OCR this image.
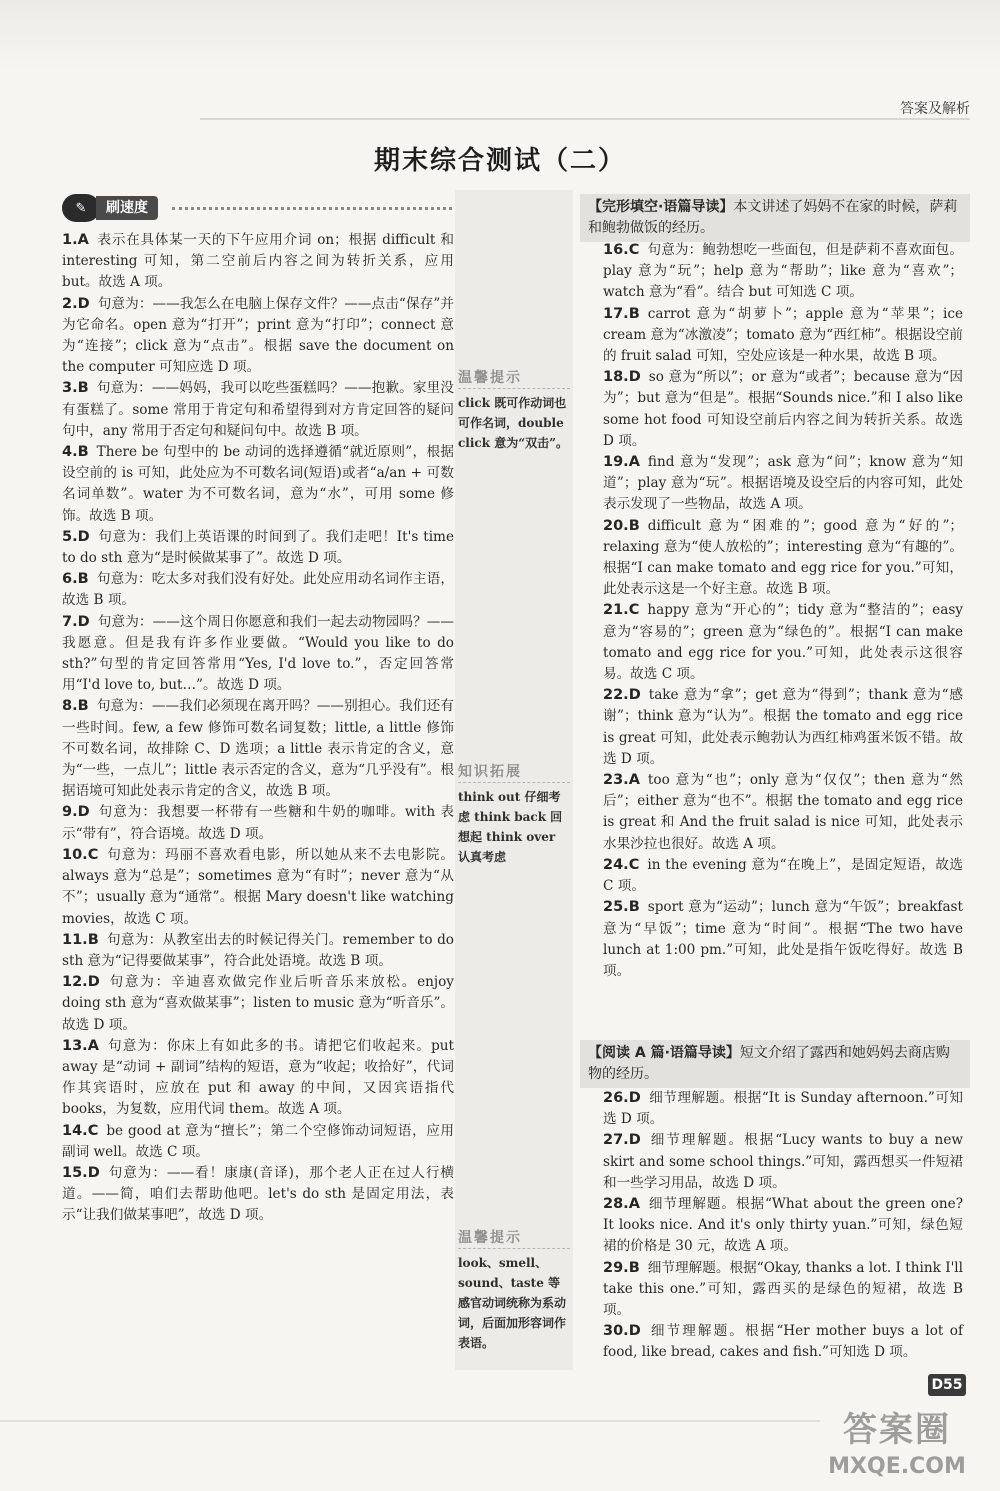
答案及解析
期末综合测试（二）
✎	刷速度
1.A 表示在具体某一天的下午应用介词 on；根据 difficult 和 interesting 可知，第二空前后内容之间为转折关系，应用 but。故选 A 项。
2.D 句意为：——我怎么在电脑上保存文件？——点击“保存”并为它命名。open 意为“打开”；print 意为“打印”；connect 意为“连接”；click 意为“点击”。根据 save the document on the computer 可知应选 D 项。
3.B 句意为：——妈妈，我可以吃些蛋糕吗？——抱歉。家里没有蛋糕了。some 常用于肯定句和希望得到对方肯定回答的疑问句中，any 常用于否定句和疑问句中。故选 B 项。
4.B There be 句型中的 be 动词的选择遵循“就近原则”，根据设空前的 is 可知，此处应为不可数名词(短语)或者“a/an + 可数名词单数”。water 为不可数名词，意为“水”，可用 some 修饰。故选 B 项。
5.D 句意为：我们上英语课的时间到了。我们走吧！It's time to do sth 意为“是时候做某事了”。故选 D 项。
6.B 句意为：吃太多对我们没有好处。此处应用动名词作主语，故选 B 项。
7.D 句意为：——这个周日你愿意和我们一起去动物园吗？——我愿意。但是我有许多作业要做。“Would you like to do sth?”句型的肯定回答常用“Yes, I'd love to.”，否定回答常用“I'd love to, but…”。故选 D 项。
8.B 句意为：——我们必须现在离开吗？——别担心。我们还有一些时间。few, a few 修饰可数名词复数；little, a little 修饰不可数名词，故排除 C、D 选项；a little 表示肯定的含义，意为“一些，一点儿”；little 表示否定的含义，意为“几乎没有”。根据语境可知此处表示肯定的含义，故选 B 项。
9.D 句意为：我想要一杯带有一些糖和牛奶的咖啡。with 表示“带有”，符合语境。故选 D 项。
10.C 句意为：玛丽不喜欢看电影，所以她从来不去电影院。always 意为“总是”；sometimes 意为“有时”；never 意为“从不”；usually 意为“通常”。根据 Mary doesn't like watching movies，故选 C 项。
11.B 句意为：从教室出去的时候记得关门。remember to do sth 意为“记得要做某事”，符合此处语境。故选 B 项。
12.D 句意为：辛迪喜欢做完作业后听音乐来放松。enjoy doing sth 意为“喜欢做某事”；listen to music 意为“听音乐”。故选 D 项。
13.A 句意为：你床上有如此多的书。请把它们收起来。put away 是“动词 + 副词”结构的短语，意为“收起；收拾好”，代词作其宾语时，应放在 put 和 away 的中间，又因宾语指代 books，为复数，应用代词 them。故选 A 项。
14.C be good at 意为“擅长”；第二个空修饰动词短语，应用副词 well。故选 C 项。
15.D 句意为：——看！康康(音译)，那个老人正在过人行横道。——简，咱们去帮助他吧。let's do sth 是固定用法，表示“让我们做某事吧”，故选 D 项。
温馨提示
click 既可作动词也可作名词，double click 意为“双击”。
知识拓展
think out 仔细考虑 think back 回想起 think over 认真考虑
温馨提示
look、smell、sound、taste 等感官动词统称为系动词，后面加形容词作表语。
【完形填空·语篇导读】本文讲述了妈妈不在家的时候，萨莉和鲍勃做饭的经历。
16.C 句意为：鲍勃想吃一些面包，但是萨莉不喜欢面包。play 意为“玩”；help 意为“帮助”；like 意为“喜欢”；watch 意为“看”。结合 but 可知选 C 项。
17.B carrot 意为“胡萝卜”；apple 意为“苹果”；ice cream 意为“冰激凌”；tomato 意为“西红柿”。根据设空前的 fruit salad 可知，空处应该是一种水果，故选 B 项。
18.D so 意为“所以”；or 意为“或者”；because 意为“因为”；but 意为“但是”。根据“Sounds nice.”和 I also like some hot food 可知设空前后内容之间为转折关系。故选 D 项。
19.A find 意为“发现”；ask 意为“问”；know 意为“知道”；play 意为“玩”。根据语境及设空后的内容可知，此处表示发现了一些物品，故选 A 项。
20.B difficult 意为“困难的”；good 意为“好的”；relaxing 意为“使人放松的”；interesting 意为“有趣的”。根据“I can make tomato and egg rice for you.”可知，此处表示这是一个好主意。故选 B 项。
21.C happy 意为“开心的”；tidy 意为“整洁的”；easy 意为“容易的”；green 意为“绿色的”。根据“I can make tomato and egg rice for you.”可知，此处表示这很容易。故选 C 项。
22.D take 意为“拿”；get 意为“得到”；thank 意为“感谢”；think 意为“认为”。根据 the tomato and egg rice is great 可知，此处表示鲍勃认为西红柿鸡蛋米饭不错。故选 D 项。
23.A too 意为“也”；only 意为“仅仅”；then 意为“然后”；either 意为“也不”。根据 the tomato and egg rice is great 和 And the fruit salad is nice 可知，此处表示水果沙拉也很好。故选 A 项。
24.C in the evening 意为“在晚上”，是固定短语，故选 C 项。
25.B sport 意为“运动”；lunch 意为“午饭”；breakfast 意为“早饭”；time 意为“时间”。根据“The two have lunch at 1:00 pm.”可知，此处是指午饭吃得好。故选 B 项。
【阅读 A 篇·语篇导读】短文介绍了露西和她妈妈去商店购物的经历。
26.D 细节理解题。根据“It is Sunday afternoon.”可知选 D 项。
27.D 细节理解题。根据“Lucy wants to buy a new skirt and some school things.”可知，露西想买一件短裙和一些学习用品，故选 D 项。
28.A 细节理解题。根据“What about the green one? It looks nice. And it's only thirty yuan.”可知，绿色短裙的价格是 30 元，故选 A 项。
29.B 细节理解题。根据“Okay, thanks a lot. I think I'll take this one.”可知，露西买的是绿色的短裙，故选 B 项。
30.D 细节理解题。根据“Her mother buys a lot of food, like bread, cakes and fish.”可知选 D 项。
D55
答案圈
MXQE.COM
